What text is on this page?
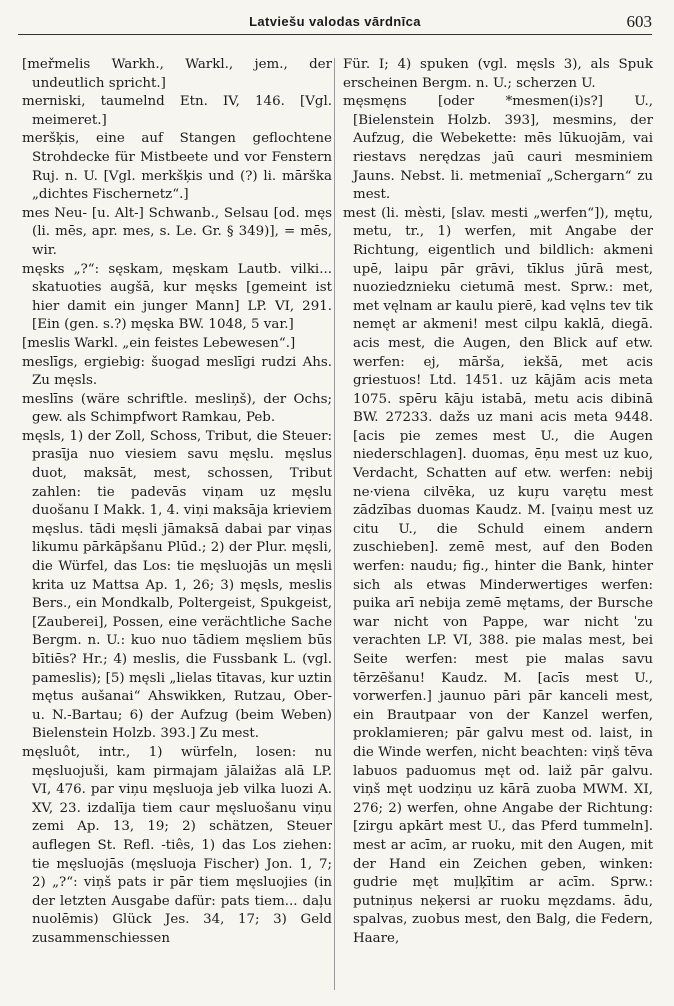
Latviešu valodas vārdnīca	603

[meřmelis Warkh., Warkl., jem., der undeutlich spricht.]

merniski, taumelnd Etn. IV, 146. [Vgl. meimeret.]

meršķis, eine auf Stangen geflochtene Strohdecke für Mistbeete und vor Fenstern Ruj. n. U. [Vgl. merkšķis und (?) li. mārška „dichtes Fischernetz“.]

mes Neu- [u. Alt-] Schwanb., Selsau [od. męs (li. mēs, apr. mes, s. Le. Gr. § 349)], = mēs, wir.

męsks „?“: sęskam, męskam Lautb. vilki... skatuoties augšā, kur męsks [gemeint ist hier damit ein junger Mann] LP. VI, 291. [Ein (gen. s.?) męska BW. 1048, 5 var.]

[meslis Warkl. „ein feistes Lebewesen“.]

meslīgs, ergiebig: šuogad meslīgi rudzi Ahs. Zu męsls.

meslīns (wäre schriftle. mesliņš), der Ochs; gew. als Schimpfwort Ramkau, Peb.

męsls, 1) der Zoll, Schoss, Tribut, die Steuer: prasīja nuo viesiem savu męslu. męslus duot, maksāt, mest, schossen, Tribut zahlen: tie padevās viņam uz męslu duošanu I Makk. 1, 4. viņi maksāja krieviem męslus. tādi męsli jāmaksā dabai par viņas likumu pārkāpšanu Plūd.; 2) der Plur. męsli, die Würfel, das Los: tie męsluojās un męsli krita uz Mattsa Ap. 1, 26; 3) męsls, meslis Bers., ein Mondkalb, Poltergeist, Spukgeist, [Zauberei], Possen, eine verächtliche Sache Bergm. n. U.: kuo nuo tādiem męsliem būs bītiēs? Hr.; 4) meslis, die Fussbank L. (vgl. pameslis); [5) męsli „lielas tītavas, kur uztin mętus aušanai“ Ahswikken, Rutzau, Ober- u. N.-Bartau; 6) der Aufzug (beim Weben) Bielenstein Holzb. 393.] Zu mest.

męsluôt, intr., 1) würfeln, losen: nu męsluojuši, kam pirmajam jālaižas alā LP. VI, 476. par viņu męsluoja jeb vilka luozi A. XV, 23. izdalīja tiem caur męsluošanu viņu zemi Ap. 13, 19; 2) schätzen, Steuer auflegen St. Refl. -tiês, 1) das Los ziehen: tie męsluojās (męsluoja Fischer) Jon. 1, 7; 2) „?“: viņš pats ir pār tiem męsluojies (in der letzten Ausgabe dafür: pats tiem... daļu nuolēmis) Glück Jes. 34, 17; 3) Geld zusammenschiessen

Für. I; 4) spuken (vgl. męsls 3), als Spuk erscheinen Bergm. n. U.; scherzen U.

męsmęns [oder *mesmen(i)s?] U., [Bielenstein Holzb. 393], mesmins, der Aufzug, die Webekette: mēs lūkuojām, vai riestavs nerędzas jaū cauri mesminiem Jauns. Nebst. li. metmeniaĩ „Schergarn“ zu mest.

mest (li. mèsti, [slav. mesti „werfen“]), mętu, metu, tr., 1) werfen, mit Angabe der Richtung, eigentlich und bildlich: akmeni upē, laipu pār grāvi, tīklus jūrā mest, nuoziedznieku cietumā mest. Sprw.: met, met vęlnam ar kaulu pierē, kad vęlns tev tik nemęt ar akmeni! mest cilpu kaklā, diegā. acis mest, die Augen, den Blick auf etw. werfen: ej, māršа, iekšā, met acis griestuos! Ltd. 1451. uz kājām acis meta 1075. spēru kāju istabā, metu acis dibinā BW. 27233. dažs uz mani acis meta 9448. [acis pie zemes mest U., die Augen niederschlagen]. duomas, ēņu mest uz kuo, Verdacht, Schatten auf etw. werfen: nebij ne·viena cilvēka, uz kuŗu varętu mest zādzības duomas Kaudz. M. [vaiņu mest uz citu U., die Schuld einem andern zuschieben]. zemē mest, auf den Boden werfen: naudu; fig., hinter die Bank, hinter sich als etwas Minderwertiges werfen: puika arī nebija zemē mętams, der Bursche war nicht von Pappe, war nicht ˈzu verachten LP. VI, 388. pie malas mest, bei Seite werfen: mest pie malas savu tērzēšanu! Kaudz. M. [acīs mest U., vorwerfen.] jaunuo pāri pār kanceli mest, ein Brautpaar von der Kanzel werfen, proklamieren; pār galvu mest od. laist, in die Winde werfen, nicht beachten: viņš tēva labuos paduomus męt od. laiž pār galvu. viņš męt uodziņu uz kārā zuoba MWM. XI, 276; 2) werfen, ohne Angabe der Richtung: [zirgu apkārt mest U., das Pferd tummeln]. mest ar acīm, ar ruoku, mit den Augen, mit der Hand ein Zeichen geben, winken: gudrie męt muļķītim ar acīm. Sprw.: putniņus neķersi ar ruoku męzdams. ādu, spalvas, zuobus mest, den Balg, die Federn, Haare,
